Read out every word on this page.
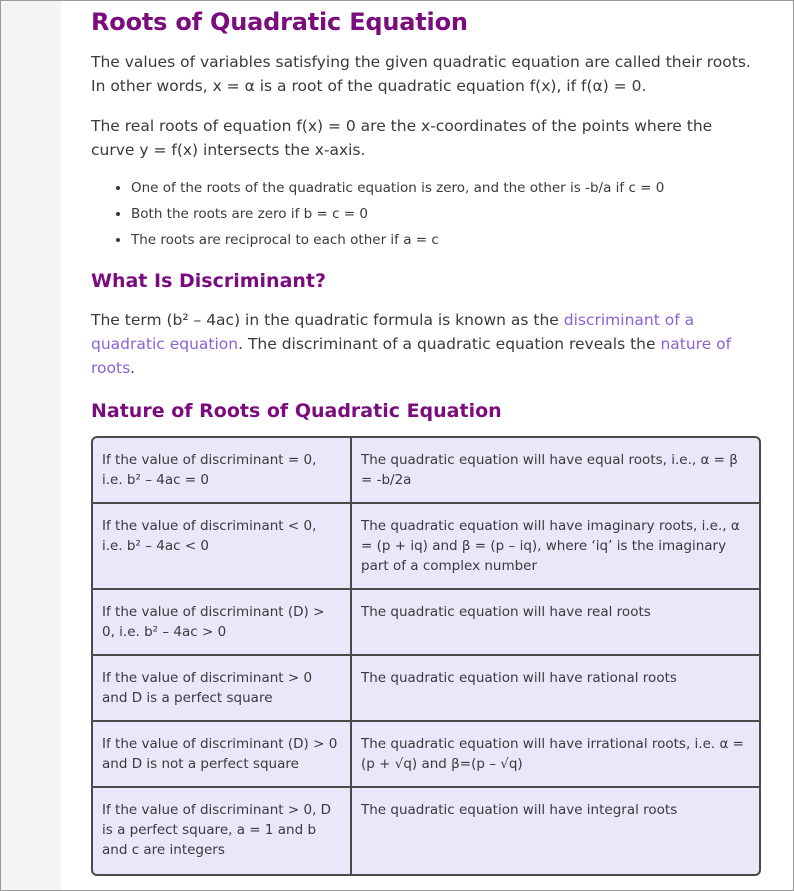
Roots of Quadratic Equation

The values of variables satisfying the given quadratic equation are called their roots. In other words, x = α is a root of the quadratic equation f(x), if f(α) = 0.

The real roots of equation f(x) = 0 are the x-coordinates of the points where the curve y = f(x) intersects the x-axis.

• One of the roots of the quadratic equation is zero, and the other is -b/a if c = 0
• Both the roots are zero if b = c = 0
• The roots are reciprocal to each other if a = c
What Is Discriminant?

The term (b² – 4ac) in the quadratic formula is known as the discriminant of a quadratic equation. The discriminant of a quadratic equation reveals the nature of roots.

Nature of Roots of Quadratic Equation
If the value of discriminant = 0, i.e. b² – 4ac = 0	The quadratic equation will have equal roots, i.e., α = β = -b/2a
If the value of discriminant < 0, i.e. b² – 4ac < 0	The quadratic equation will have imaginary roots, i.e., α = (p + iq) and β = (p – iq), where ‘iq’ is the imaginary part of a complex number
If the value of discriminant (D) > 0, i.e. b² – 4ac > 0	The quadratic equation will have real roots
If the value of discriminant > 0 and D is a perfect square	The quadratic equation will have rational roots
If the value of discriminant (D) > 0 and D is not a perfect square	The quadratic equation will have irrational roots, i.e. α = (p + √q) and β=(p – √q)
If the value of discriminant > 0, D is a perfect square, a = 1 and b and c are integers	The quadratic equation will have integral roots
